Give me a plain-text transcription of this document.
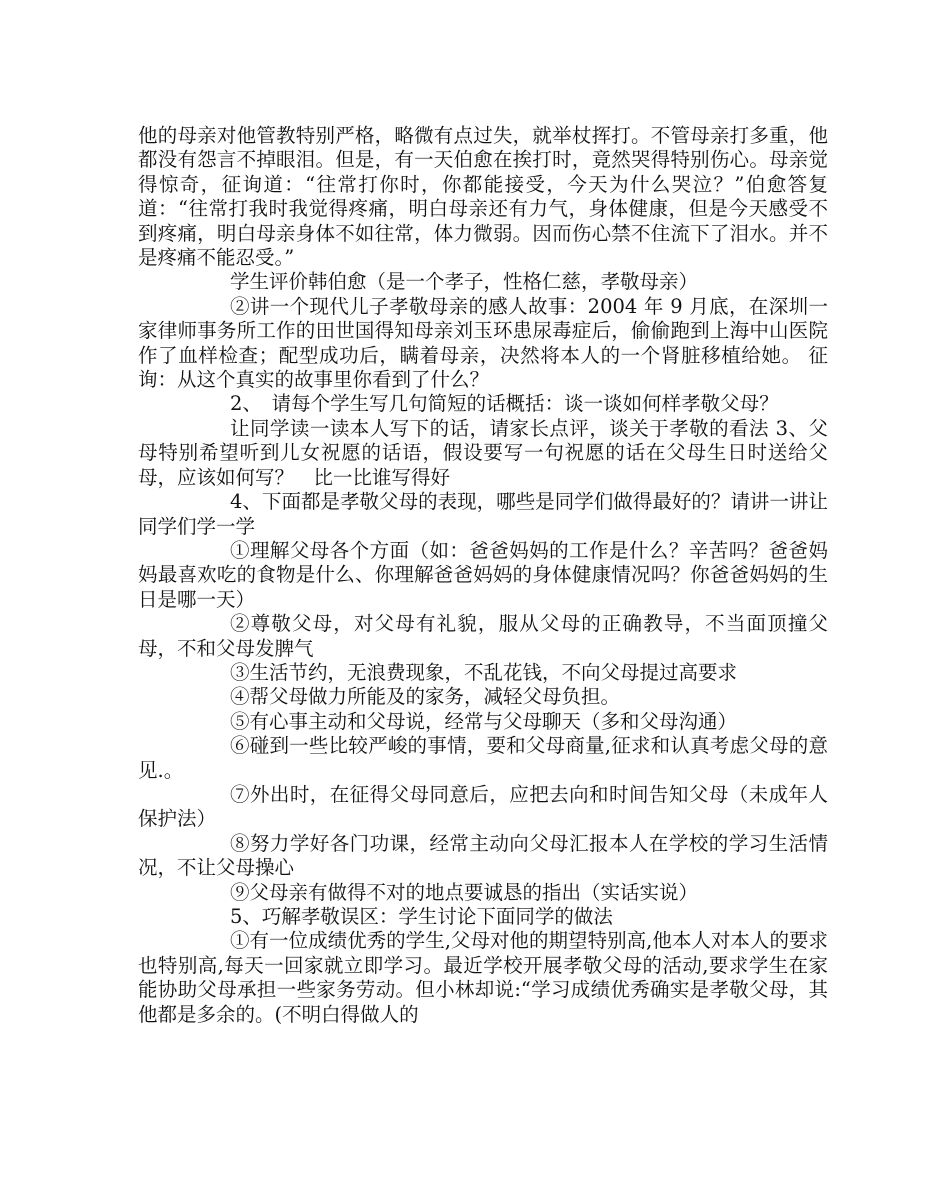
他的母亲对他管教特别严格，略微有点过失，就举杖挥打。不管母亲打多重，他都没有怨言不掉眼泪。但是，有一天伯愈在挨打时，竟然哭得特别伤心。母亲觉得惊奇，征询道：“往常打你时，你都能接受，今天为什么哭泣？”伯愈答复道：“往常打我时我觉得疼痛，明白母亲还有力气，身体健康，但是今天感受不到疼痛，明白母亲身体不如往常，体力微弱。因而伤心禁不住流下了泪水。并不是疼痛不能忍受。”

学生评价韩伯愈（是一个孝子，性格仁慈，孝敬母亲）

②讲一个现代儿子孝敬母亲的感人故事：2004 年 9 月底，在深圳一家律师事务所工作的田世国得知母亲刘玉环患尿毒症后，偷偷跑到上海中山医院作了血样检查；配型成功后，瞒着母亲，决然将本人的一个肾脏移植给她。 征询：从这个真实的故事里你看到了什么？

2、　请每个学生写几句简短的话概括：谈一谈如何样孝敬父母？

让同学读一读本人写下的话，请家长点评，谈关于孝敬的看法 3、父母特别希望听到儿女祝愿的话语，假设要写一句祝愿的话在父母生日时送给父母，应该如何写？　比一比谁写得好

4、下面都是孝敬父母的表现，哪些是同学们做得最好的？请讲一讲让同学们学一学

①理解父母各个方面（如：爸爸妈妈的工作是什么？辛苦吗？爸爸妈妈最喜欢吃的食物是什么、你理解爸爸妈妈的身体健康情况吗？你爸爸妈妈的生日是哪一天）

②尊敬父母，对父母有礼貌，服从父母的正确教导，不当面顶撞父母，不和父母发脾气

③生活节约，无浪费现象，不乱花钱，不向父母提过高要求

④帮父母做力所能及的家务，减轻父母负担。

⑤有心事主动和父母说，经常与父母聊天（多和父母沟通）

⑥碰到一些比较严峻的事情，要和父母商量,征求和认真考虑父母的意见.。

⑦外出时，在征得父母同意后，应把去向和时间告知父母（未成年人保护法）

⑧努力学好各门功课，经常主动向父母汇报本人在学校的学习生活情况，不让父母操心

⑨父母亲有做得不对的地点要诚恳的指出（实话实说）

5、巧解孝敬误区：学生讨论下面同学的做法

①有一位成绩优秀的学生,父母对他的期望特别高,他本人对本人的要求也特别高,每天一回家就立即学习。最近学校开展孝敬父母的活动,要求学生在家能协助父母承担一些家务劳动。但小林却说:“学习成绩优秀确实是孝敬父母，其他都是多余的。(不明白得做人的
